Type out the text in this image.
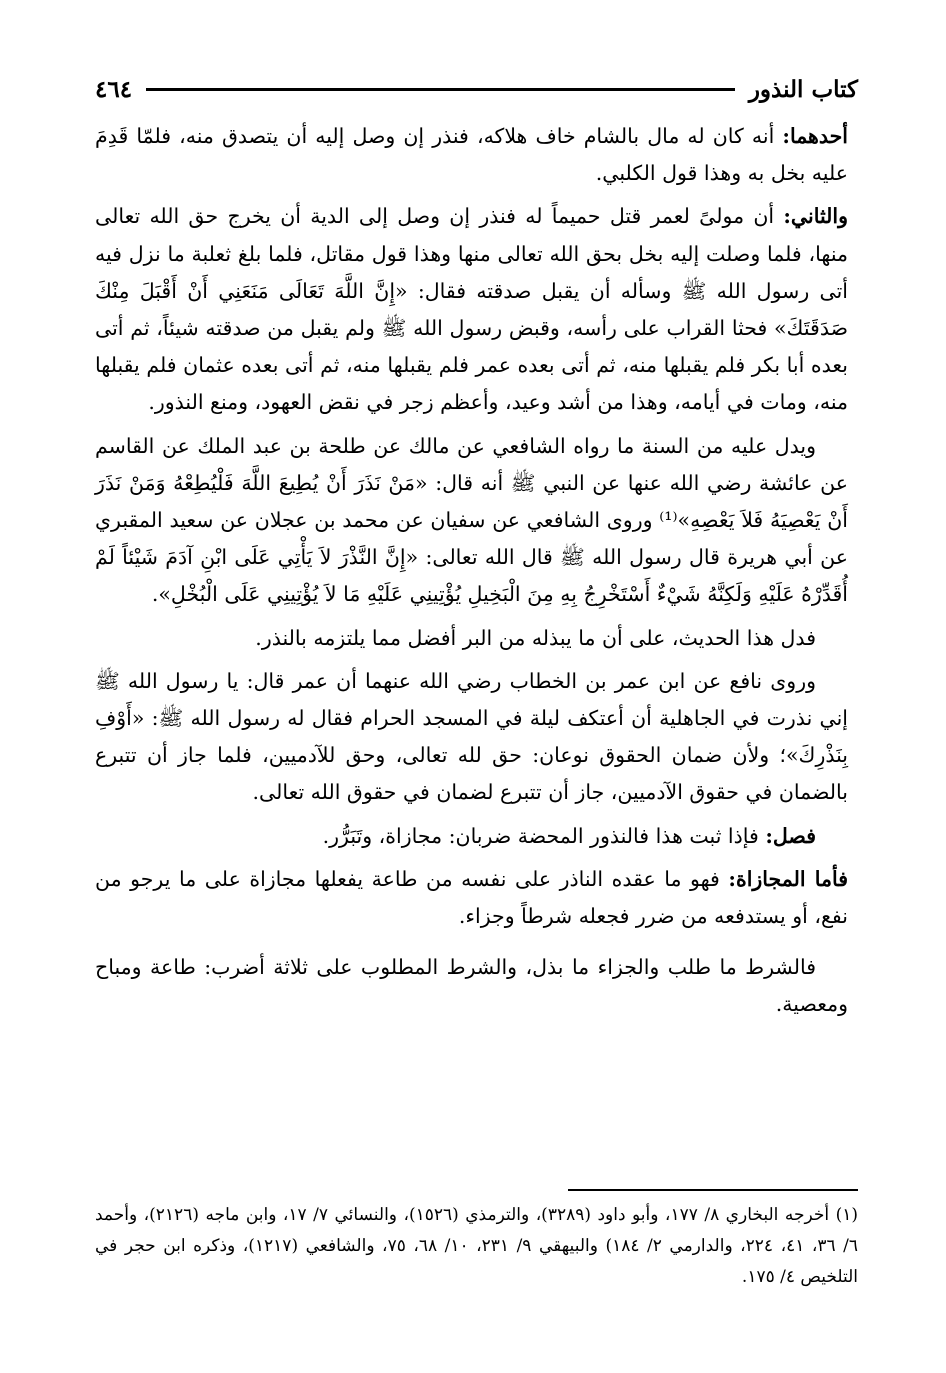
كتاب النذور
٤٦٤

أحدهما: أنه كان له مال بالشام خاف هلاكه، فنذر إن وصل إليه أن يتصدق منه، فلمّا قَدِمَ عليه بخل به وهذا قول الكلبي.

والثاني: أن مولىً لعمر قتل حميماً له فنذر إن وصل إلى الدية أن يخرج حق الله تعالى منها، فلما وصلت إليه بخل بحق الله تعالى منها وهذا قول مقاتل، فلما بلغ ثعلبة ما نزل فيه أتى رسول الله ﷺ وسأله أن يقبل صدقته فقال: «إِنَّ اللَّهَ تَعَالَى مَنَعَنِي أَنْ أَقْبَلَ مِنْكَ صَدَقَتَكَ» فحثا القراب على رأسه، وقبض رسول الله ﷺ ولم يقبل من صدقته شيئاً، ثم أتى بعده أبا بكر فلم يقبلها منه، ثم أتى بعده عمر فلم يقبلها منه، ثم أتى بعده عثمان فلم يقبلها منه، ومات في أيامه، وهذا من أشد وعيد، وأعظم زجر في نقض العهود، ومنع النذور.

ويدل عليه من السنة ما رواه الشافعي عن مالك عن طلحة بن عبد الملك عن القاسم عن عائشة رضي الله عنها عن النبي ﷺ أنه قال: «مَنْ نَذَرَ أَنْ يُطِيعَ اللَّهَ فَلْيُطِعْهُ وَمَنْ نَذَرَ أَنْ يَعْصِيَهُ فَلاَ يَعْصِهِ»⁽¹⁾ وروى الشافعي عن سفيان عن محمد بن عجلان عن سعيد المقبري عن أبي هريرة قال رسول الله ﷺ قال الله تعالى: «إِنَّ النَّذْرَ لاَ يَأْتِي عَلَى ابْنِ آدَمَ شَيْئاً لَمْ أُقَدِّرْهُ عَلَيْهِ وَلَكِنَّهُ شَيْءٌ أَسْتَخْرِجُ بِهِ مِنَ الْبَخِيلِ يُؤْتِينِي عَلَيْهِ مَا لاَ يُؤْتِينِي عَلَى الْبُخْلِ».

فدل هذا الحديث، على أن ما يبذله من البر أفضل مما يلتزمه بالنذر.

وروى نافع عن ابن عمر بن الخطاب رضي الله عنهما أن عمر قال: يا رسول الله ﷺ إني نذرت في الجاهلية أن أعتكف ليلة في المسجد الحرام فقال له رسول الله ﷺ: «أَوْفِ بِنَذْرِكَ»؛ ولأن ضمان الحقوق نوعان: حق لله تعالى، وحق للآدميين، فلما جاز أن تتبرع بالضمان في حقوق الآدميين، جاز أن تتبرع لضمان في حقوق الله تعالى.

فصل: فإذا ثبت هذا فالنذور المحضة ضربان: مجازاة، وتَبَرُّر.

فأما المجازاة: فهو ما عقده الناذر على نفسه من طاعة يفعلها مجازاة على ما يرجو من نفع، أو يستدفعه من ضرر فجعله شرطاً وجزاء.

فالشرط ما طلب والجزاء ما بذل، والشرط المطلوب على ثلاثة أضرب: طاعة ومباح ومعصية.

(١) أخرجه البخاري ٨/ ١٧٧، وأبو داود (٣٢٨٩)، والترمذي (١٥٢٦)، والنسائي ٧/ ١٧، وابن ماجه (٢١٢٦)، وأحمد ٦/ ٣٦، ٤١، ٢٢٤، والدارمي ٢/ ١٨٤) والبيهقي ٩/ ٢٣١، ١٠/ ٦٨، ٧٥، والشافعي (١٢١٧)، وذكره ابن حجر في التلخيص ٤/ ١٧٥.
